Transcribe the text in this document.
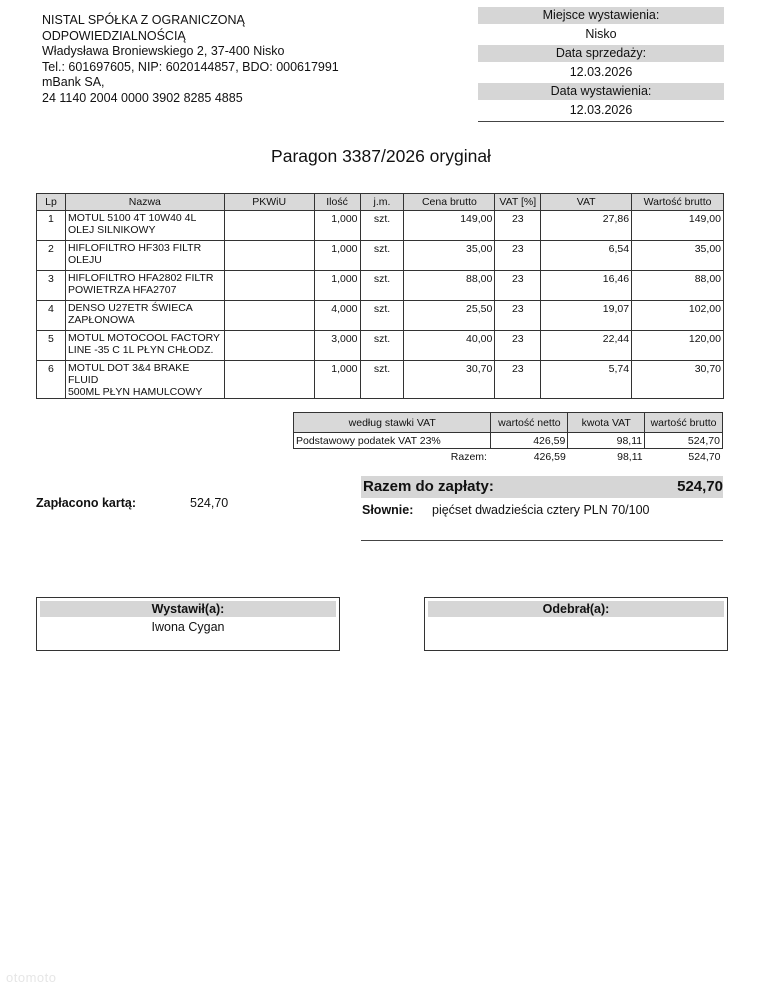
NISTAL SPÓŁKA Z OGRANICZONĄ
ODPOWIEDZIALNOŚCIĄ
Władysława Broniewskiego 2, 37-400 Nisko
Tel.: 601697605, NIP: 6020144857, BDO: 000617991
mBank SA,
24 1140 2004 0000 3902 8285 4885
Miejsce wystawienia:
Nisko
Data sprzedaży:
12.03.2026
Data wystawienia:
12.03.2026
Paragon 3387/2026 oryginał
Lp	Nazwa	PKWiU	Ilość	j.m.	Cena brutto	VAT [%]	VAT	Wartość brutto
1	MOTUL 5100 4T 10W40 4L
OLEJ SILNIKOWY		1,000	szt.	149,00	23	27,86	149,00
2	HIFLOFILTRO HF303 FILTR
OLEJU		1,000	szt.	35,00	23	6,54	35,00
3	HIFLOFILTRO HFA2802 FILTR
POWIETRZA HFA2707		1,000	szt.	88,00	23	16,46	88,00
4	DENSO U27ETR ŚWIECA
ZAPŁONOWA		4,000	szt.	25,50	23	19,07	102,00
5	MOTUL MOTOCOOL FACTORY
LINE -35 C 1L PŁYN CHŁODZ.		3,000	szt.	40,00	23	22,44	120,00
6	MOTUL DOT 3&4 BRAKE FLUID
500ML PŁYN HAMULCOWY		1,000	szt.	30,70	23	5,74	30,70
według stawki VAT	wartość netto	kwota VAT	wartość brutto
Podstawowy podatek VAT 23%	426,59	98,11	524,70
Razem:	426,59	98,11	524,70
Zapłacono kartą:	524,70
Razem do zapłaty:	524,70
Słownie: pięćset dwadzieścia cztery PLN 70/100
Wystawił(a):
Iwona Cygan
Odebrał(a):
otomoto
